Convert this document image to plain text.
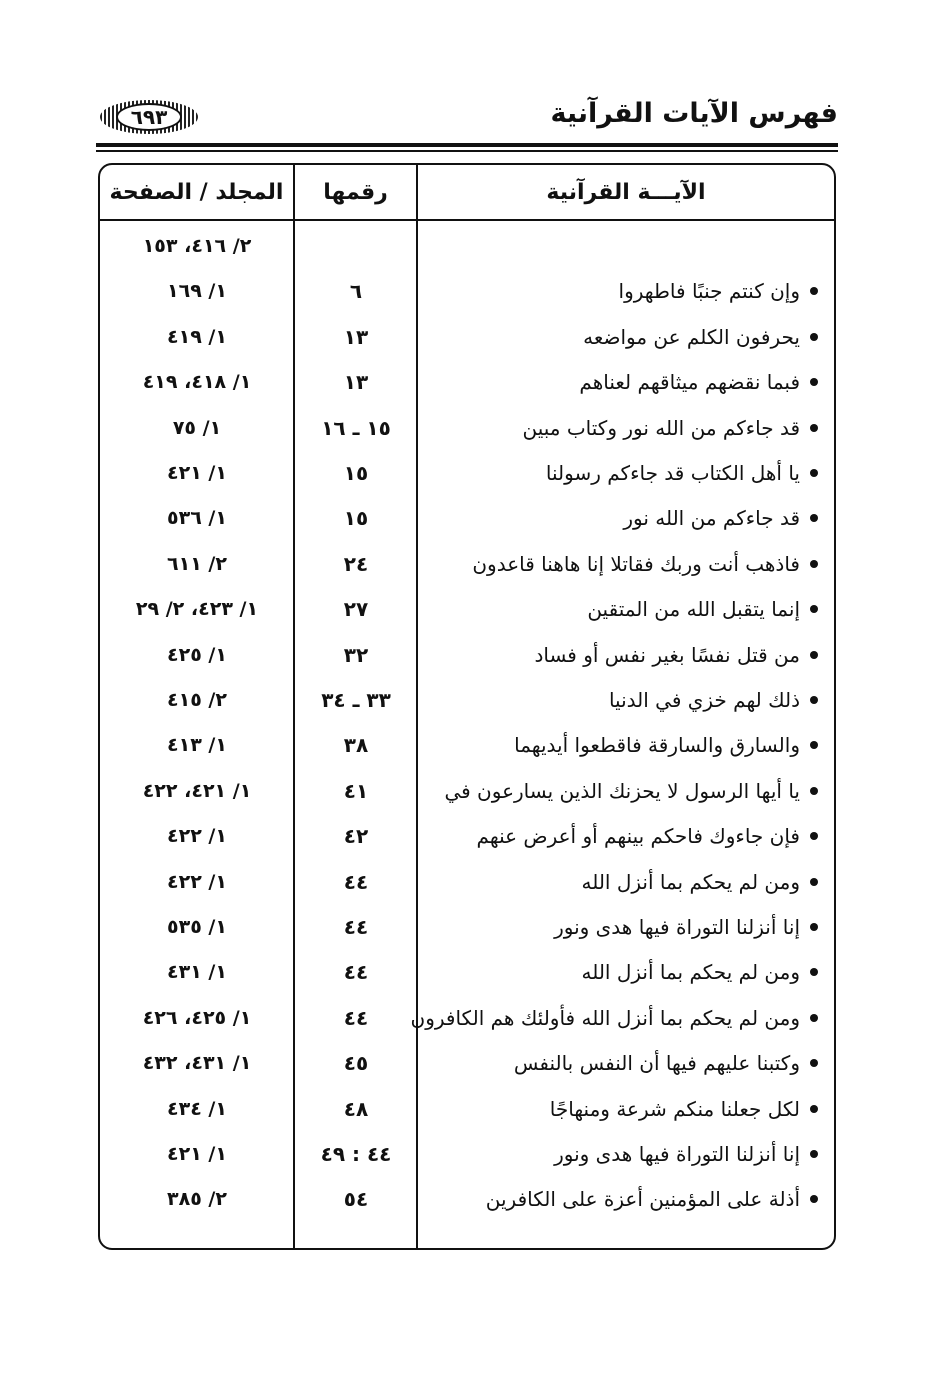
٦٩٣	فهرس الآيات القرآنية
الآيـــة القرآنية
رقمها
المجلد / الصفحة
٢/ ٤١٦، ١٥٣
وإن كنتم جنبًا فاطهروا
٦
١/ ١٦٩
يحرفون الكلم عن مواضعه
١٣
١/ ٤١٩
فبما نقضهم ميثاقهم لعناهم
١٣
١/ ٤١٨، ٤١٩
قد جاءكم من الله نور وكتاب مبين
١٥ ـ ١٦
١/ ٧٥
يا أهل الكتاب قد جاءكم رسولنا
١٥
١/ ٤٢١
قد جاءكم من الله نور
١٥
١/ ٥٣٦
فاذهب أنت وربك فقاتلا إنا هاهنا قاعدون
٢٤
٢/ ٦١١
إنما يتقبل الله من المتقين
٢٧
١/ ٤٢٣، ٢/ ٢٩
من قتل نفسًا بغير نفس أو فساد
٣٢
١/ ٤٢٥
ذلك لهم خزي في الدنيا
٣٣ ـ ٣٤
٢/ ٤١٥
والسارق والسارقة فاقطعوا أيديهما
٣٨
١/ ٤١٣
يا أيها الرسول لا يحزنك الذين يسارعون في
٤١
١/ ٤٢١، ٤٢٢
فإن جاءوك فاحكم بينهم أو أعرض عنهم
٤٢
١/ ٤٢٢
ومن لم يحكم بما أنزل الله
٤٤
١/ ٤٢٢
إنا أنزلنا التوراة فيها هدى ونور
٤٤
١/ ٥٣٥
ومن لم يحكم بما أنزل الله
٤٤
١/ ٤٣١
ومن لم يحكم بما أنزل الله فأولئك هم الكافرون
٤٤
١/ ٤٢٥، ٤٢٦
وكتبنا عليهم فيها أن النفس بالنفس
٤٥
١/ ٤٣١، ٤٣٢
لكل جعلنا منكم شرعة ومنهاجًا
٤٨
١/ ٤٣٤
إنا أنزلنا التوراة فيها هدى ونور
٤٤ : ٤٩
١/ ٤٢١
أذلة على المؤمنين أعزة على الكافرين
٥٤
٢/ ٣٨٥
